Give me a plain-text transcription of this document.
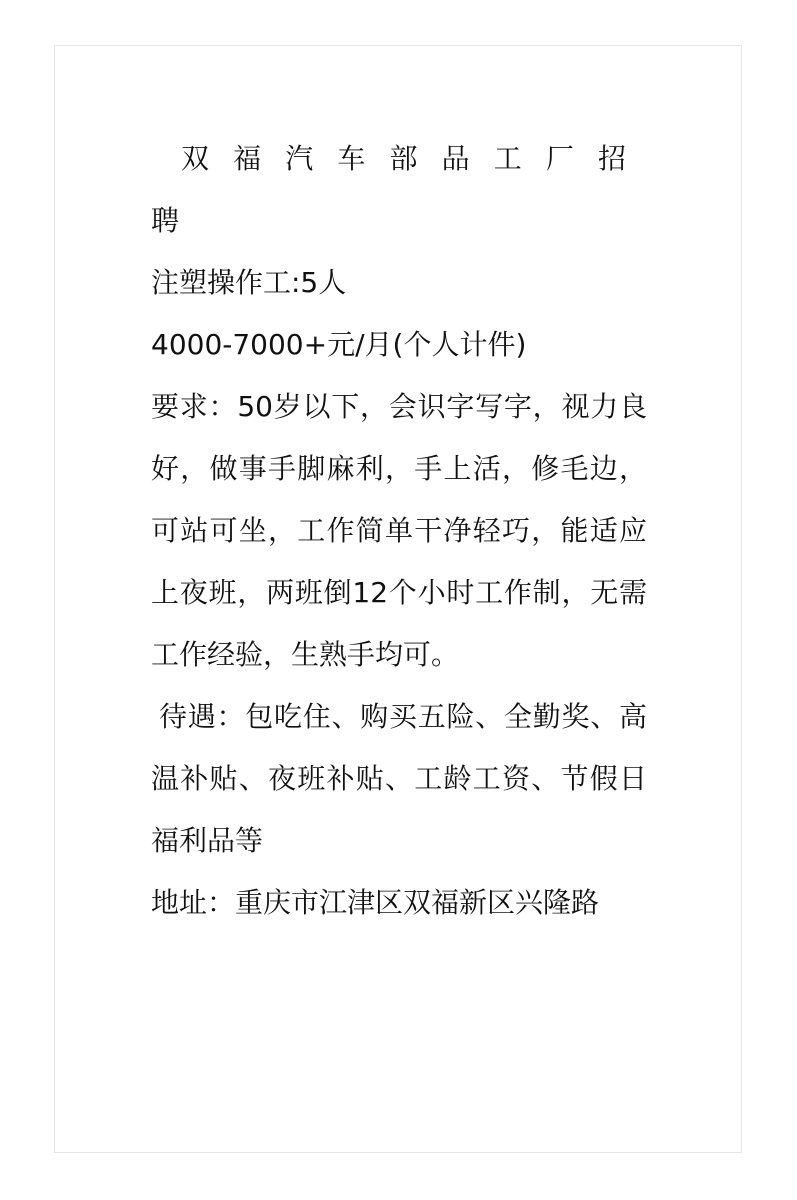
双福汽车部品工厂招聘

注塑操作工:5人

4000-7000+元/月(个人计件)

要求：50岁以下，会识字写字，视力良好，做事手脚麻利，手上活，修毛边，可站可坐，工作简单干净轻巧，能适应上夜班，两班倒12个小时工作制，无需工作经验，生熟手均可。

待遇：包吃住、购买五险、全勤奖、高温补贴、夜班补贴、工龄工资、节假日福利品等

地址：重庆市江津区双福新区兴隆路
